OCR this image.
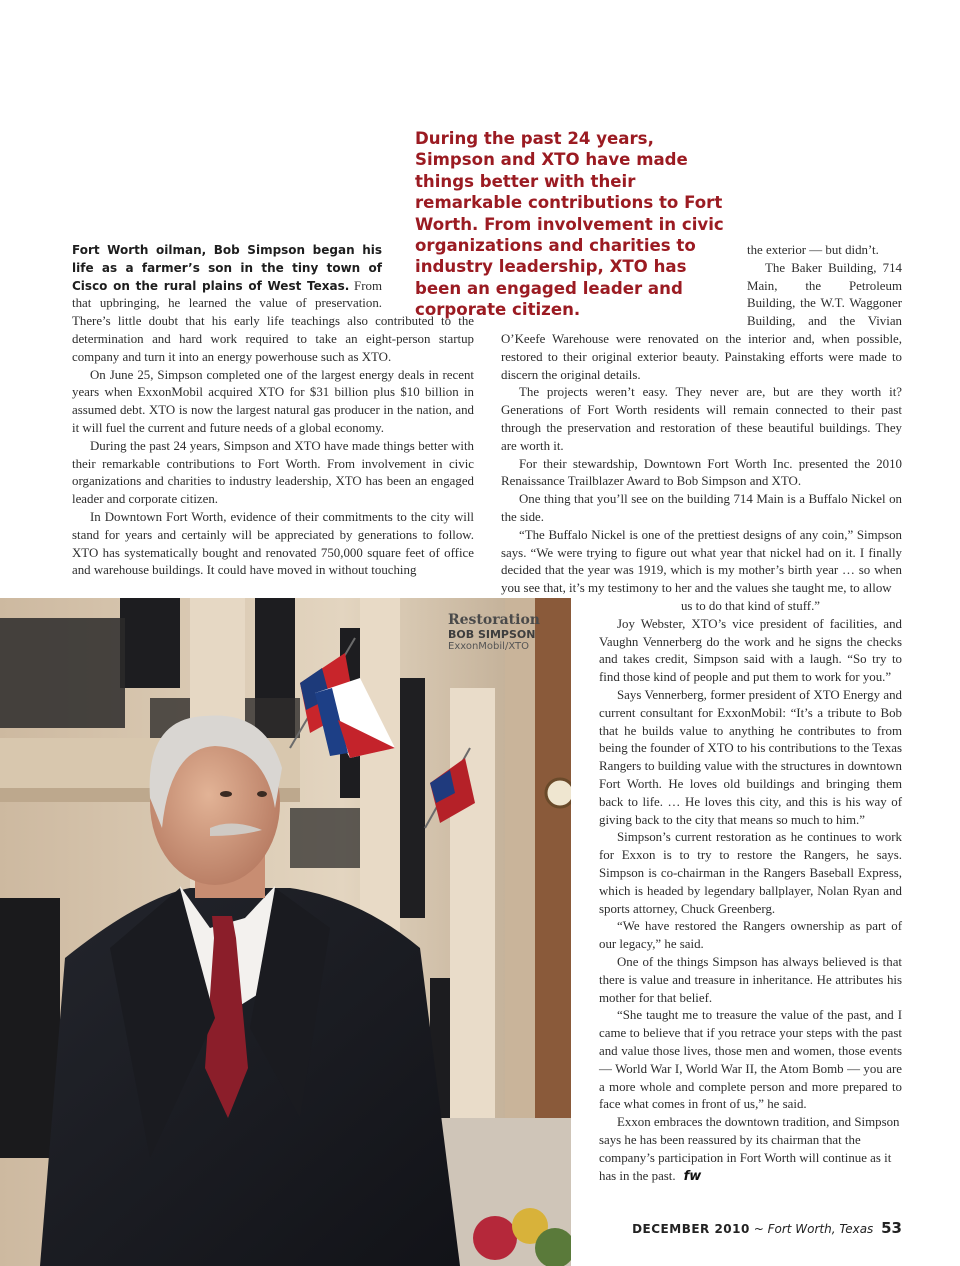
During the past 24 years, Simpson and XTO have made things better with their remarkable contributions to Fort Worth. From involvement in civic organizations and charities to industry leadership, XTO has been an engaged leader and corporate citizen.

Fort Worth oilman, Bob Simpson began his life as a farmer’s son in the tiny town of Cisco on the rural plains of West Texas. From that upbringing, he learned the value of preservation. There’s little doubt that his early life teachings also contributed to the determination and hard work required to take an eight-person startup company and turn it into an energy powerhouse such as XTO.

On June 25, Simpson completed one of the largest energy deals in recent years when ExxonMobil acquired XTO for $31 billion plus $10 billion in assumed debt. XTO is now the largest natural gas producer in the nation, and it will fuel the current and future needs of a global economy.

During the past 24 years, Simpson and XTO have made things better with their remarkable contributions to Fort Worth. From involvement in civic organizations and charities to industry leadership, XTO has been an engaged leader and corporate citizen.

In Downtown Fort Worth, evidence of their commitments to the city will stand for years and certainly will be appreciated by generations to follow. XTO has systematically bought and renovated 750,000 square feet of office and warehouse buildings. It could have moved in without touching

the exterior — but didn’t.

The Baker Building, 714 Main, the Petroleum Building, the W.T. Waggoner Building, and the Vivian O’Keefe Warehouse were renovated on the interior and, when possible, restored to their original exterior beauty. Painstaking efforts were made to discern the original details.

The projects weren’t easy. They never are, but are they worth it? Generations of Fort Worth residents will remain connected to their past through the preservation and restoration of these beautiful buildings. They are worth it.

For their stewardship, Downtown Fort Worth Inc. presented the 2010 Renaissance Trailblazer Award to Bob Simpson and XTO.

One thing that you’ll see on the building 714 Main is a Buffalo Nickel on the side.

“The Buffalo Nickel is one of the prettiest designs of any coin,” Simpson says. “We were trying to figure out what year that nickel had on it. I finally decided that the year was 1919, which is my mother’s birth year … so when you see that, it’s my testimony to her and the values she taught me, to allow

us to do that kind of stuff.”

Joy Webster, XTO’s vice president of facilities, and Vaughn Vennerberg do the work and he signs the checks and takes credit, Simpson said with a laugh. “So try to find those kind of people and put them to work for you.”

Says Vennerberg, former president of XTO Energy and current consultant for ExxonMobil: “It’s a tribute to Bob that he builds value to anything he contributes to from being the founder of XTO to his contributions to the Texas Rangers to building value with the structures in downtown Fort Worth. He loves old buildings and bringing them back to life. … He loves this city, and this is his way of giving back to the city that means so much to him.”

Simpson’s current restoration as he continues to work for Exxon is to try to restore the Rangers, he says. Simpson is co-chairman in the Rangers Baseball Express, which is headed by legendary ballplayer, Nolan Ryan and sports attorney, Chuck Greenberg.

“We have restored the Rangers ownership as part of our legacy,” he said.

One of the things Simpson has always believed is that there is value and treasure in inheritance. He attributes his mother for that belief.

“She taught me to treasure the value of the past, and I came to believe that if you retrace your steps with the past and value those lives, those men and women, those events — World War I, World War II, the Atom Bomb — you are a more whole and complete person and more prepared to face what comes in front of us,” he said.

Exxon embraces the downtown tradition, and Simpson says he has been reassured by its chairman that the company’s participation in Fort Worth will continue as it has in the past. fw

Restoration
BOB SIMPSON
ExxonMobil/XTO
DECEMBER 2010 ~ Fort Worth, Texas 53
